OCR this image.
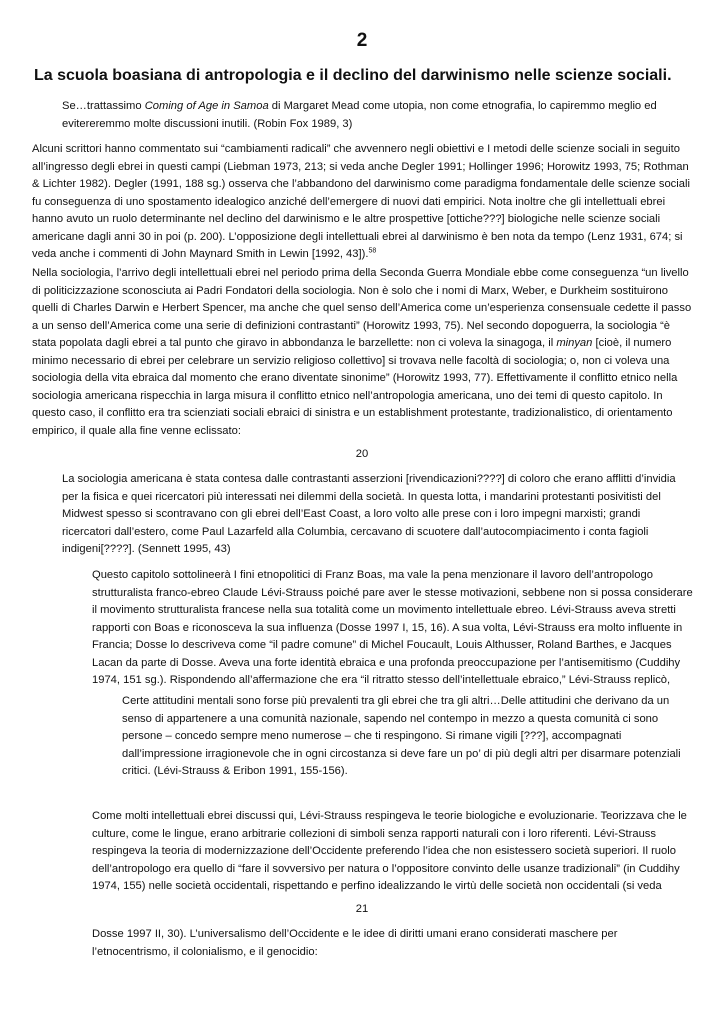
2
La scuola boasiana di antropologia e il declino del darwinismo nelle scienze sociali.
Se…trattassimo Coming of Age in Samoa di Margaret Mead come utopia, non come etnografia, lo capiremmo meglio ed evitereremmo molte discussioni inutili. (Robin Fox 1989, 3)
Alcuni scrittori hanno commentato sui “cambiamenti radicali” che avvennero negli obiettivi e I metodi delle scienze sociali in seguito all’ingresso degli ebrei in questi campi (Liebman 1973, 213; si veda anche Degler 1991; Hollinger 1996; Horowitz 1993, 75; Rothman & Lichter 1982). Degler (1991, 188 sg.) osserva che l’abbandono del darwinismo come paradigma fondamentale delle scienze sociali fu conseguenza di uno spostamento idealogico anziché dell’emergere di nuovi dati empirici. Nota inoltre che gli intellettuali ebrei hanno avuto un ruolo determinante nel declino del darwinismo e le altre prospettive [ottiche???] biologiche nelle scienze sociali americane dagli anni 30 in poi (p. 200). L’opposizione degli intellettuali ebrei al darwinismo è ben nota da tempo (Lenz 1931, 674; si veda anche i commenti di John Maynard Smith in Lewin [1992, 43]).$^{58}$
Nella sociologia, l’arrivo degli intellettuali ebrei nel periodo prima della Seconda Guerra Mondiale ebbe come conseguenza “un livello di politicizzazione sconosciuta ai Padri Fondatori della sociologia. Non è solo che i nomi di Marx, Weber, e Durkheim sostituirono quelli di Charles Darwin e Herbert Spencer, ma anche che quel senso dell’America come un’esperienza consensuale cedette il passo a un senso dell’America come una serie di definizioni contrastanti” (Horowitz 1993, 75). Nel secondo dopoguerra, la sociologia “è stata popolata dagli ebrei a tal punto che giravo in abbondanza le barzellette: non ci voleva la sinagoga, il minyan [cioè, il numero minimo necessario di ebrei per celebrare un servizio religioso collettivo] si trovava nelle facoltà di sociologia; o, non ci voleva una sociologia della vita ebraica dal momento che erano diventate sinonime” (Horowitz 1993, 77). Effettivamente il conflitto etnico nella sociologia americana rispecchia in larga misura il conflitto etnico nell’antropologia americana, uno dei temi di questo capitolo. In questo caso, il conflitto era tra scienziati sociali ebraici di sinistra e un establishment protestante, tradizionalistico, di orientamento empirico, il quale alla fine venne eclissato:
20
La sociologia americana è stata contesa dalle contrastanti asserzioni [rivendicazioni????] di coloro che erano afflitti d’invidia per la fisica e quei ricercatori più interessati nei dilemmi della società. In questa lotta, i mandarini protestanti posivitisti del Midwest spesso si scontravano con gli ebrei dell’East Coast, a loro volto alle prese con i loro impegni marxisti; grandi ricercatori dall’estero, come Paul Lazarfeld alla Columbia, cercavano di scuotere dall’autocompiacimento i conta fagioli indigeni[????]. (Sennett 1995, 43)
Questo capitolo sottolineerà I fini etnopolitici di Franz Boas, ma vale la pena menzionare il lavoro dell’antropologo strutturalista franco-ebreo Claude Lévi-Strauss poiché pare aver le stesse motivazioni, sebbene non si possa considerare il movimento strutturalista francese nella sua totalità come un movimento intellettuale ebreo. Lévi-Strauss aveva stretti rapporti con Boas e riconosceva la sua influenza (Dosse 1997 I, 15, 16). A sua volta, Lévi-Strauss era molto influente in Francia; Dosse lo descriveva come “il padre comune” di Michel Foucault, Louis Althusser, Roland Barthes, e Jacques Lacan da parte di Dosse. Aveva una forte identità ebraica e una profonda preoccupazione per l’antisemitismo (Cuddihy 1974, 151 sg.). Rispondendo all’affermazione che era “il ritratto stesso dell’intellettuale ebraico,” Lévi-Strauss replicò,
Certe attitudini mentali sono forse più prevalenti tra gli ebrei che tra gli altri…Delle attitudini che derivano da un senso di appartenere a una comunità nazionale, sapendo nel contempo in mezzo a questa comunità ci sono persone – concedo sempre meno numerose – che ti respingono. Si rimane vigili [???], accompagnati dall’impressione irragionevole che in ogni circostanza si deve fare un po’ di più degli altri per disarmare potenziali critici. (Lévi-Strauss & Eribon 1991, 155-156).
Come molti intellettuali ebrei discussi qui, Lévi-Strauss respingeva le teorie biologiche e evoluzionarie. Teorizzava che le culture, come le lingue, erano arbitrarie collezioni di simboli senza rapporti naturali con i loro riferenti. Lévi-Strauss respingeva la teoria di modernizzazione dell’Occidente preferendo l’idea che non esistessero società superiori. Il ruolo dell’antropologo era quello di “fare il sovversivo per natura o l’oppositore convinto delle usanze tradizionali” (in Cuddihy 1974, 155) nelle società occidentali, rispettando e perfino idealizzando le virtù delle società non occidentali (si veda
21
Dosse 1997 II, 30). L’universalismo dell’Occidente e le idee di diritti umani erano considerati maschere per l’etnocentrismo, il colonialismo, e il genocidio:
